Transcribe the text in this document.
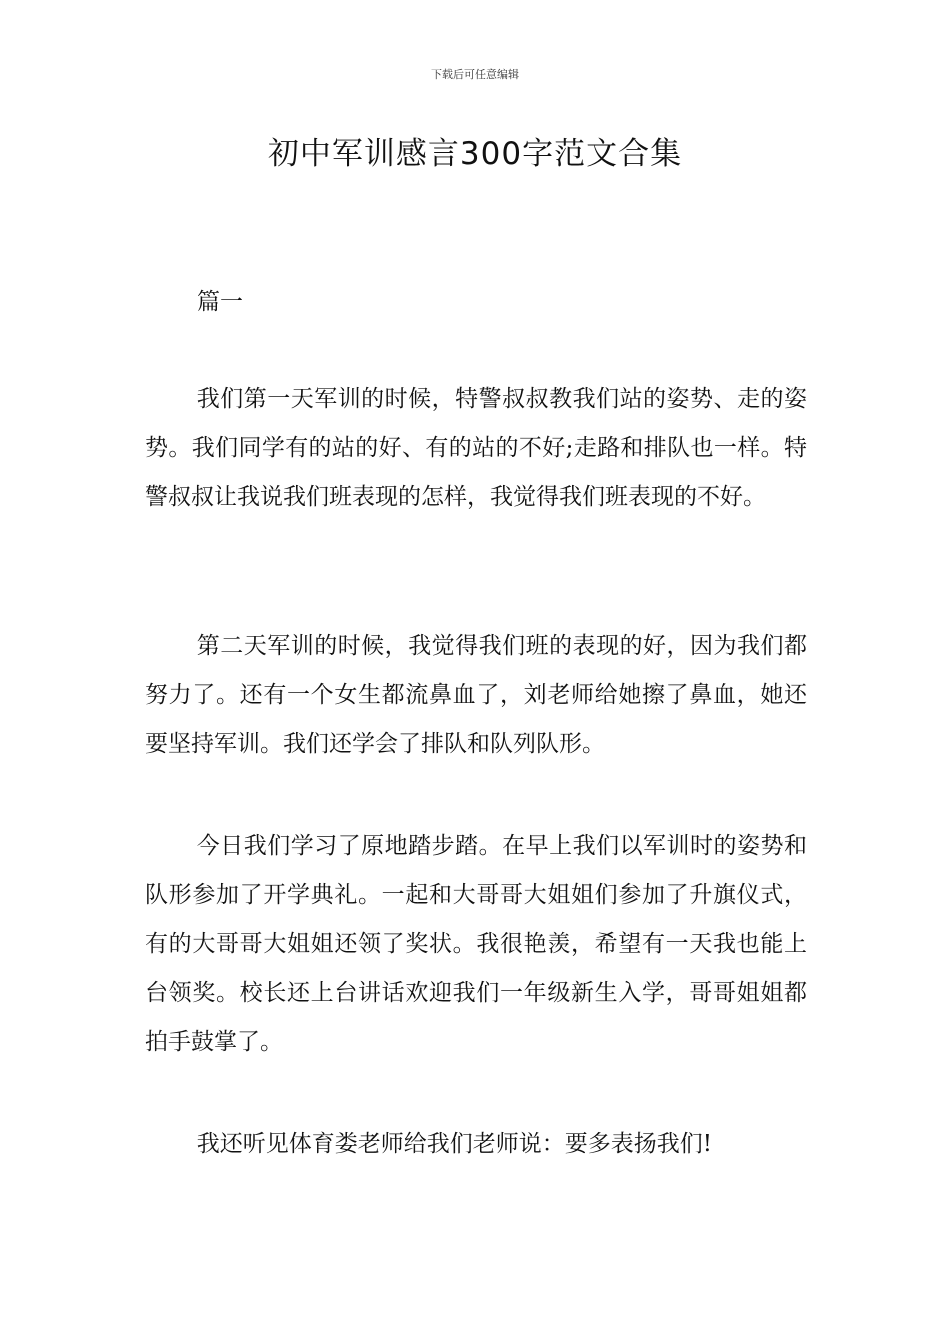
下载后可任意编辑
初中军训感言300字范文合集
篇一

我们第一天军训的时候，特警叔叔教我们站的姿势、走的姿势。我们同学有的站的好、有的站的不好;走路和排队也一样。特警叔叔让我说我们班表现的怎样，我觉得我们班表现的不好。

第二天军训的时候，我觉得我们班的表现的好，因为我们都努力了。还有一个女生都流鼻血了，刘老师给她擦了鼻血，她还要坚持军训。我们还学会了排队和队列队形。

今日我们学习了原地踏步踏。在早上我们以军训时的姿势和队形参加了开学典礼。一起和大哥哥大姐姐们参加了升旗仪式，有的大哥哥大姐姐还领了奖状。我很艳羡，希望有一天我也能上台领奖。校长还上台讲话欢迎我们一年级新生入学，哥哥姐姐都拍手鼓掌了。

我还听见体育娄老师给我们老师说：要多表扬我们!
